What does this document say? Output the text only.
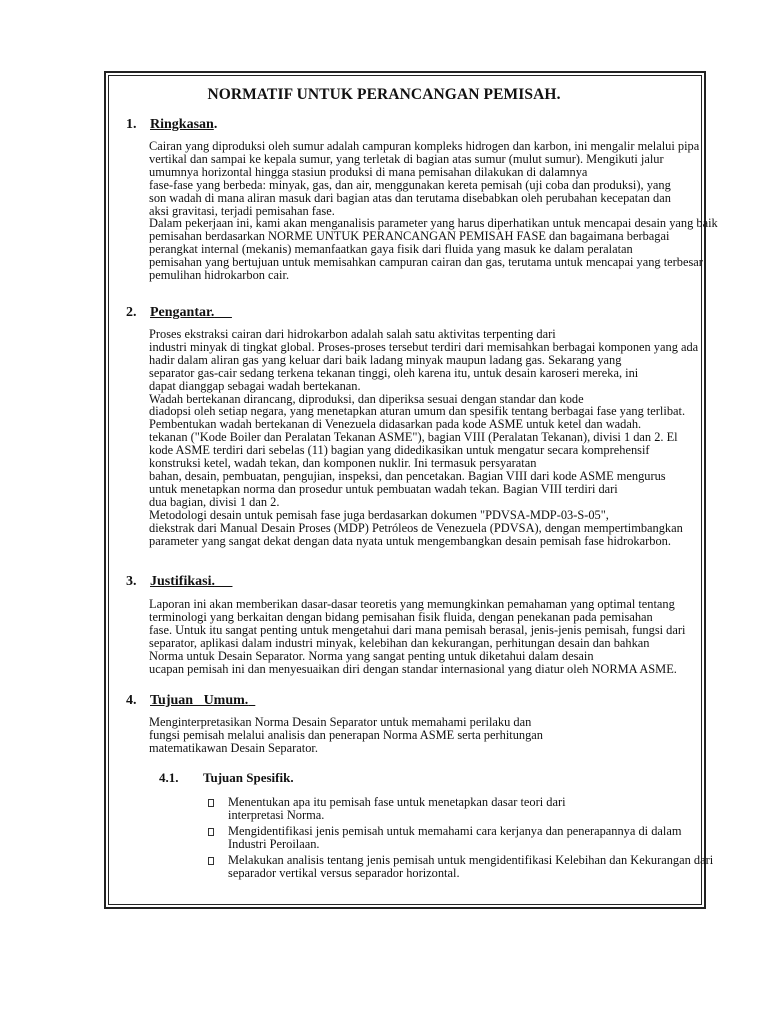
NORMATIF UNTUK PERANCANGAN PEMISAH.
1. Ringkasan.
Cairan yang diproduksi oleh sumur adalah campuran kompleks hidrogen dan karbon, ini mengalir melalui pipa
vertikal dan sampai ke kepala sumur, yang terletak di bagian atas sumur (mulut sumur). Mengikuti jalur
umumnya horizontal hingga stasiun produksi di mana pemisahan dilakukan di dalamnya
fase-fase yang berbeda: minyak, gas, dan air, menggunakan kereta pemisah (uji coba dan produksi), yang
son wadah di mana aliran masuk dari bagian atas dan terutama disebabkan oleh perubahan kecepatan dan
aksi gravitasi, terjadi pemisahan fase.
Dalam pekerjaan ini, kami akan menganalisis parameter yang harus diperhatikan untuk mencapai desain yang baik
pemisahan berdasarkan NORME UNTUK PERANCANGAN PEMISAH FASE dan bagaimana berbagai
perangkat internal (mekanis) memanfaatkan gaya fisik dari fluida yang masuk ke dalam peralatan
pemisahan yang bertujuan untuk memisahkan campuran cairan dan gas, terutama untuk mencapai yang terbesar
pemulihan hidrokarbon cair.
2. Pengantar.
Proses ekstraksi cairan dari hidrokarbon adalah salah satu aktivitas terpenting dari
industri minyak di tingkat global. Proses-proses tersebut terdiri dari memisahkan berbagai komponen yang ada
hadir dalam aliran gas yang keluar dari baik ladang minyak maupun ladang gas. Sekarang yang
separator gas-cair sedang terkena tekanan tinggi, oleh karena itu, untuk desain karoseri mereka, ini
dapat dianggap sebagai wadah bertekanan.
Wadah bertekanan dirancang, diproduksi, dan diperiksa sesuai dengan standar dan kode
diadopsi oleh setiap negara, yang menetapkan aturan umum dan spesifik tentang berbagai fase yang terlibat.
Pembentukan wadah bertekanan di Venezuela didasarkan pada kode ASME untuk ketel dan wadah.
tekanan ("Kode Boiler dan Peralatan Tekanan ASME"), bagian VIII (Peralatan Tekanan), divisi 1 dan 2. El
kode ASME terdiri dari sebelas (11) bagian yang didedikasikan untuk mengatur secara komprehensif
konstruksi ketel, wadah tekan, dan komponen nuklir. Ini termasuk persyaratan
bahan, desain, pembuatan, pengujian, inspeksi, dan pencetakan. Bagian VIII dari kode ASME mengurus
untuk menetapkan norma dan prosedur untuk pembuatan wadah tekan. Bagian VIII terdiri dari
dua bagian, divisi 1 dan 2.
Metodologi desain untuk pemisah fase juga berdasarkan dokumen "PDVSA-MDP-03-S-05",
diekstrak dari Manual Desain Proses (MDP) Petróleos de Venezuela (PDVSA), dengan mempertimbangkan
parameter yang sangat dekat dengan data nyata untuk mengembangkan desain pemisah fase hidrokarbon.
3. Justifikasi.
Laporan ini akan memberikan dasar-dasar teoretis yang memungkinkan pemahaman yang optimal tentang
terminologi yang berkaitan dengan bidang pemisahan fisik fluida, dengan penekanan pada pemisahan
fase. Untuk itu sangat penting untuk mengetahui dari mana pemisah berasal, jenis-jenis pemisah, fungsi dari
separator, aplikasi dalam industri minyak, kelebihan dan kekurangan, perhitungan desain dan bahkan
Norma untuk Desain Separator. Norma yang sangat penting untuk diketahui dalam desain
ucapan pemisah ini dan menyesuaikan diri dengan standar internasional yang diatur oleh NORMA ASME.
4. Tujuan   Umum.
Menginterpretasikan Norma Desain Separator untuk memahami perilaku dan
fungsi pemisah melalui analisis dan penerapan Norma ASME serta perhitungan
matematikawan Desain Separator.
4.1. Tujuan Spesifik.
Menentukan apa itu pemisah fase untuk menetapkan dasar teori dari
interpretasi Norma.
Mengidentifikasi jenis pemisah untuk memahami cara kerjanya dan penerapannya di dalam
Industri Peroilaan.
Melakukan analisis tentang jenis pemisah untuk mengidentifikasi Kelebihan dan Kekurangan dari
separador vertikal versus separador horizontal.
